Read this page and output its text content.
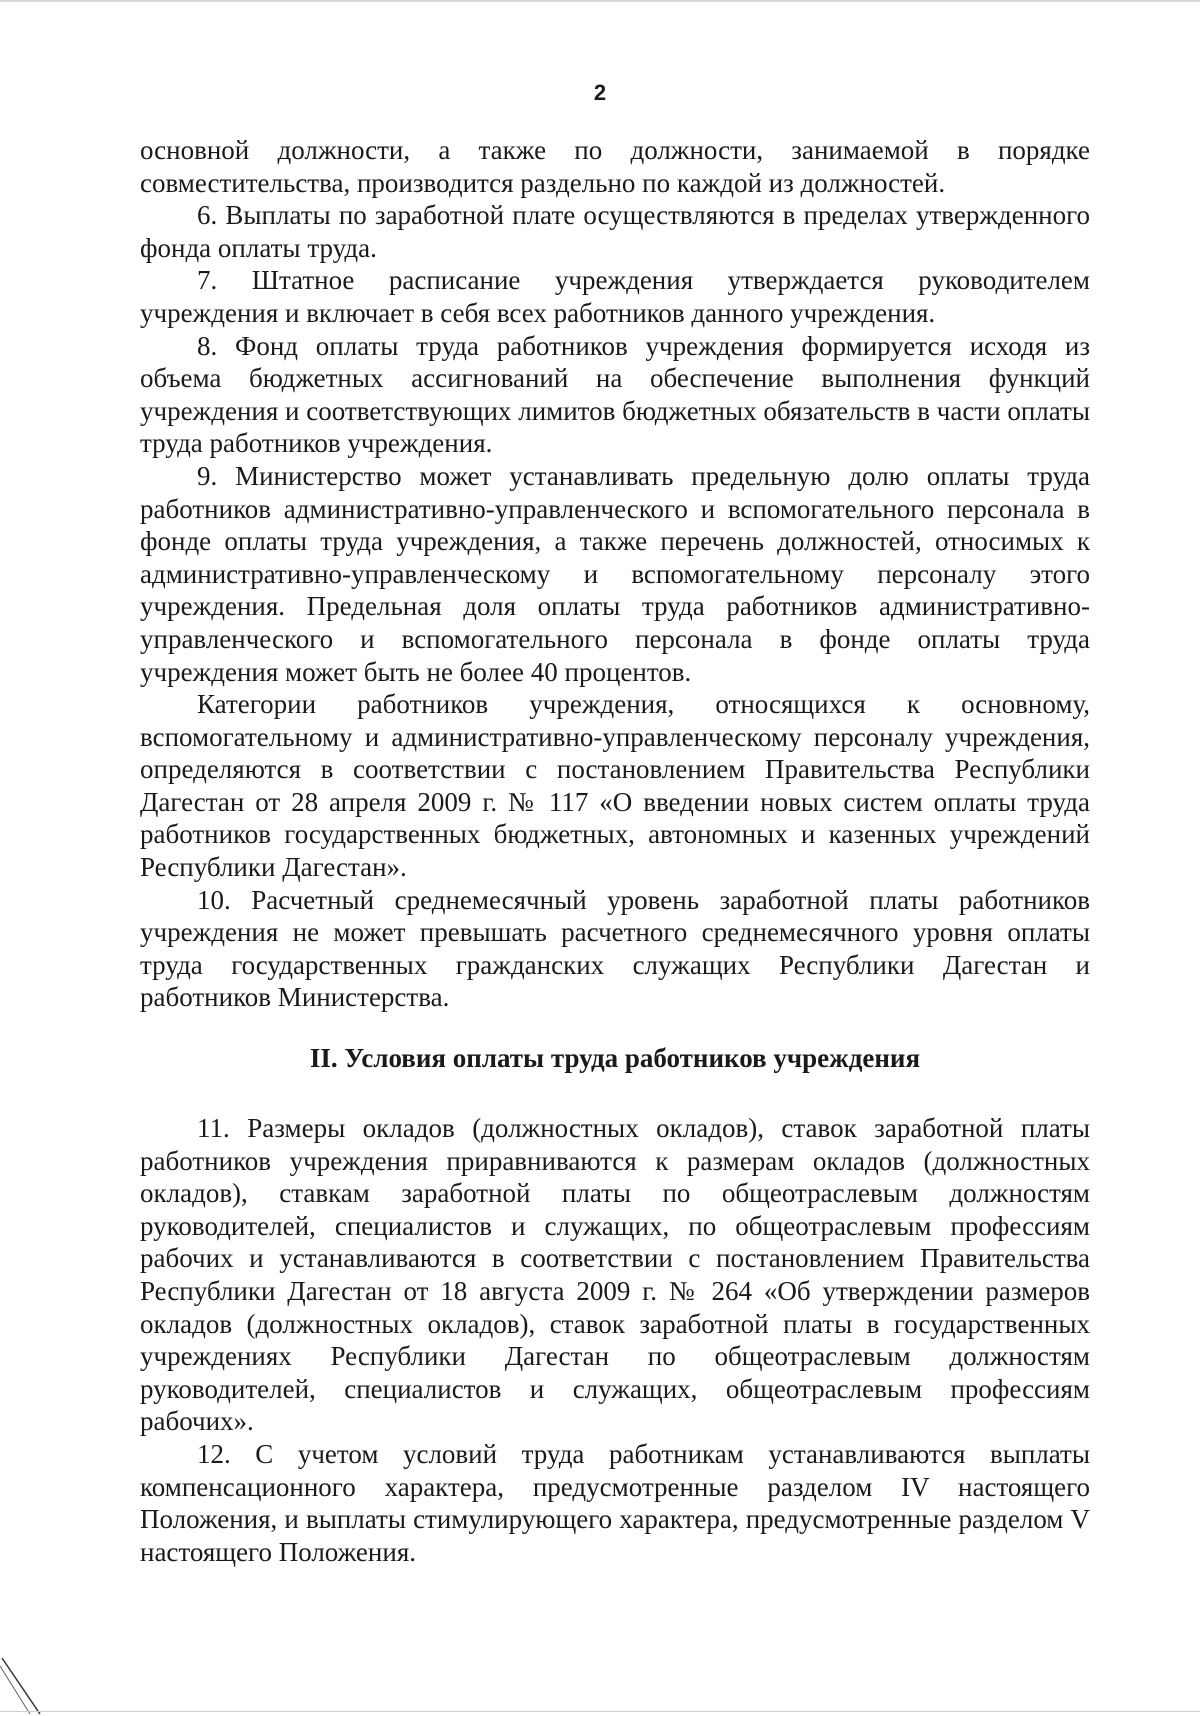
2

основной должности, а также по должности, занимаемой в порядке совместительства, производится раздельно по каждой из должностей.

6. Выплаты по заработной плате осуществляются в пределах утвержденного фонда оплаты труда.

7. Штатное расписание учреждения утверждается руководителем учреждения и включает в себя всех работников данного учреждения.

8. Фонд оплаты труда работников учреждения формируется исходя из объема бюджетных ассигнований на обеспечение выполнения функций учреждения и соответствующих лимитов бюджетных обязательств в части оплаты труда работников учреждения.

9. Министерство может устанавливать предельную долю оплаты труда работников административно-управленческого и вспомогательного персонала в фонде оплаты труда учреждения, а также перечень должностей, относимых к административно-управленческому и вспомогательному персоналу этого учреждения. Предельная доля оплаты труда работников административно-управленческого и вспомогательного персонала в фонде оплаты труда учреждения может быть не более 40 процентов.

Категории работников учреждения, относящихся к основному, вспомогательному и административно-управленческому персоналу учреждения, определяются в соответствии с постановлением Правительства Республики Дагестан от 28 апреля 2009 г. № 117 «О введении новых систем оплаты труда работников государственных бюджетных, автономных и казенных учреждений Республики Дагестан».

10. Расчетный среднемесячный уровень заработной платы работников учреждения не может превышать расчетного среднемесячного уровня оплаты труда государственных гражданских служащих Республики Дагестан и работников Министерства.

II. Условия оплаты труда работников учреждения

11. Размеры окладов (должностных окладов), ставок заработной платы работников учреждения приравниваются к размерам окладов (должностных окладов), ставкам заработной платы по общеотраслевым должностям руководителей, специалистов и служащих, по общеотраслевым профессиям рабочих и устанавливаются в соответствии с постановлением Правительства Республики Дагестан от 18 августа 2009 г. № 264 «Об утверждении размеров окладов (должностных окладов), ставок заработной платы в государственных учреждениях Республики Дагестан по общеотраслевым должностям руководителей, специалистов и служащих, общеотраслевым профессиям рабочих».

12. С учетом условий труда работникам устанавливаются выплаты компенсационного характера, предусмотренные разделом IV настоящего Положения, и выплаты стимулирующего характера, предусмотренные разделом V настоящего Положения.
